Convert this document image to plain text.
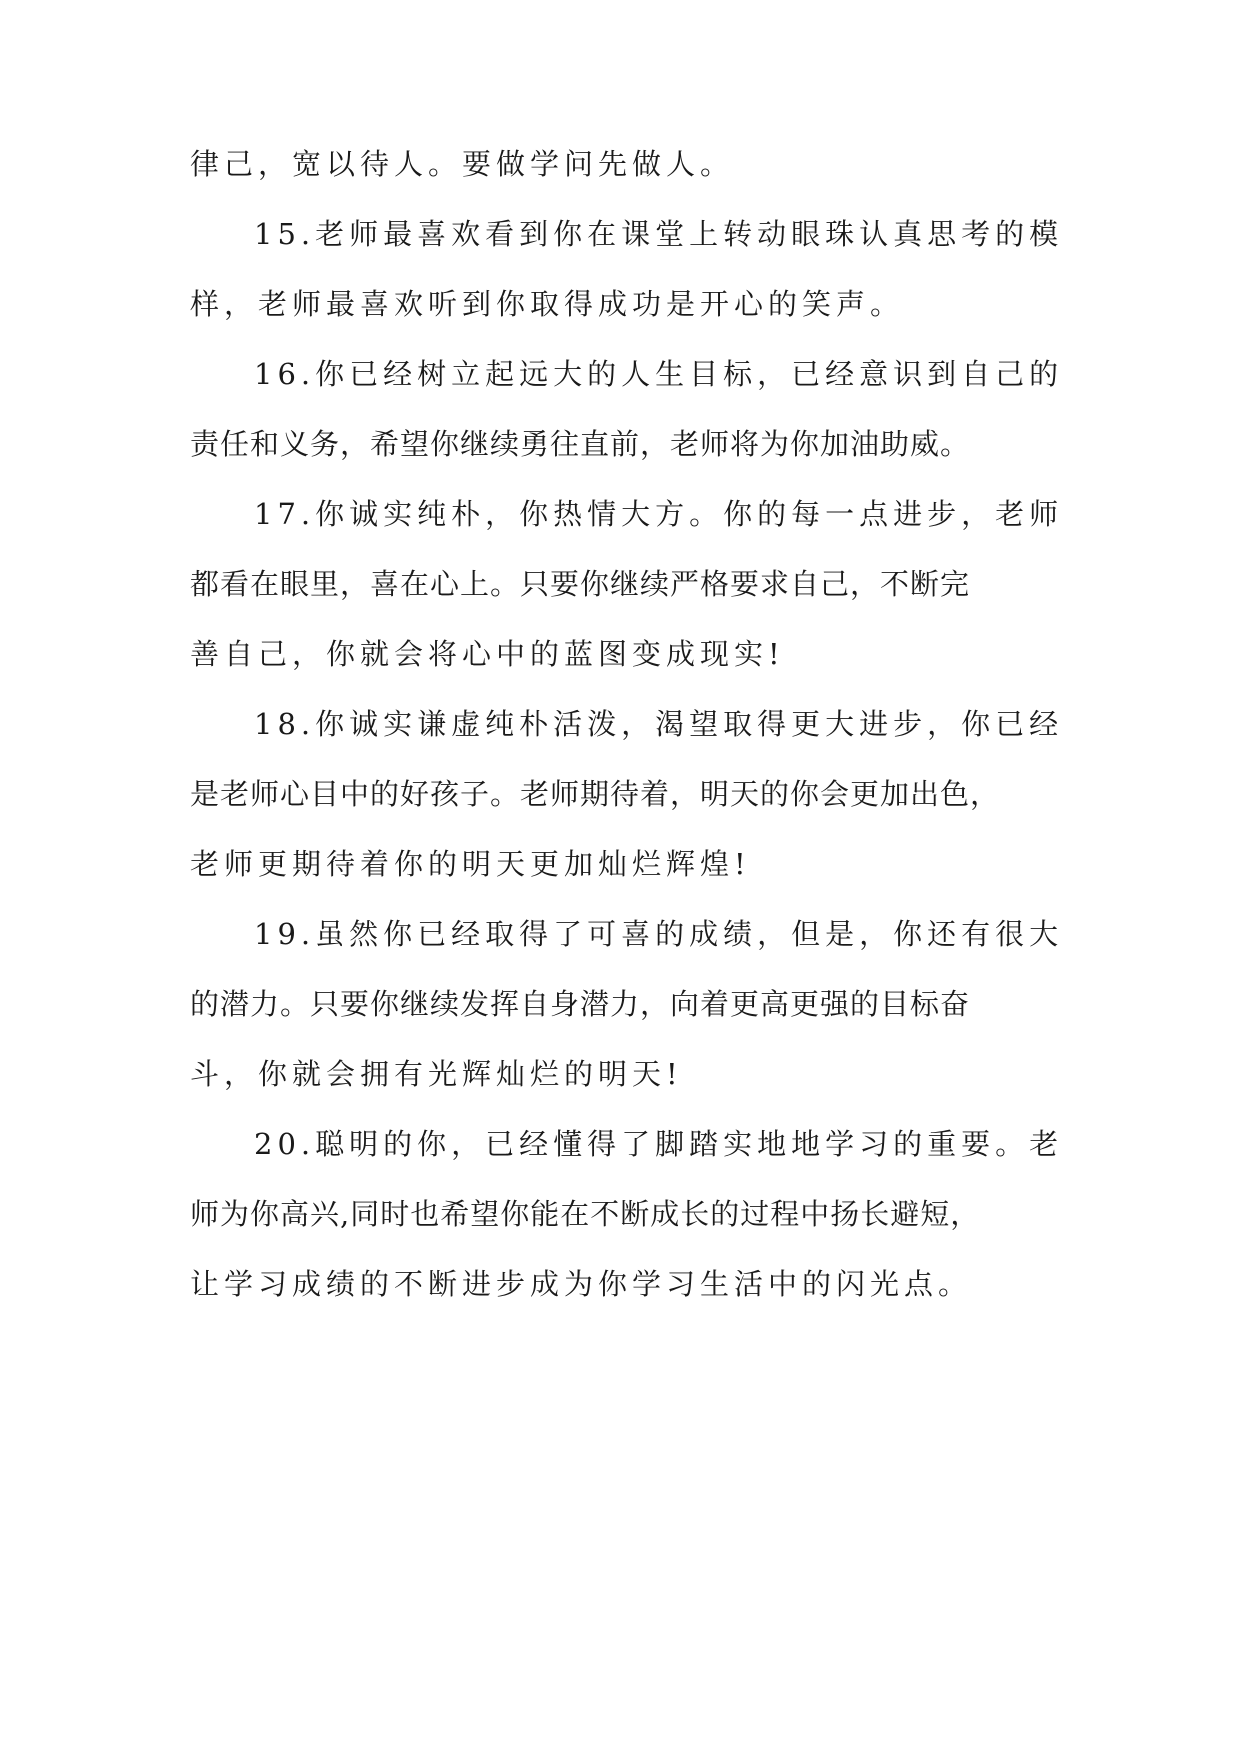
律己，宽以待人。要做学问先做人。
15.老师最喜欢看到你在课堂上转动眼珠认真思考的模
样，老师最喜欢听到你取得成功是开心的笑声。
16.你已经树立起远大的人生目标，已经意识到自己的
责任和义务，希望你继续勇往直前，老师将为你加油助威。
17.你诚实纯朴，你热情大方。你的每一点进步，老师
都看在眼里，喜在心上。只要你继续严格要求自己，不断完
善自己，你就会将心中的蓝图变成现实!
18.你诚实谦虚纯朴活泼，渴望取得更大进步，你已经
是老师心目中的好孩子。老师期待着，明天的你会更加出色，
老师更期待着你的明天更加灿烂辉煌!
19.虽然你已经取得了可喜的成绩，但是，你还有很大
的潜力。只要你继续发挥自身潜力，向着更高更强的目标奋
斗，你就会拥有光辉灿烂的明天!
20.聪明的你，已经懂得了脚踏实地地学习的重要。老
师为你高兴,同时也希望你能在不断成长的过程中扬长避短，
让学习成绩的不断进步成为你学习生活中的闪光点。
